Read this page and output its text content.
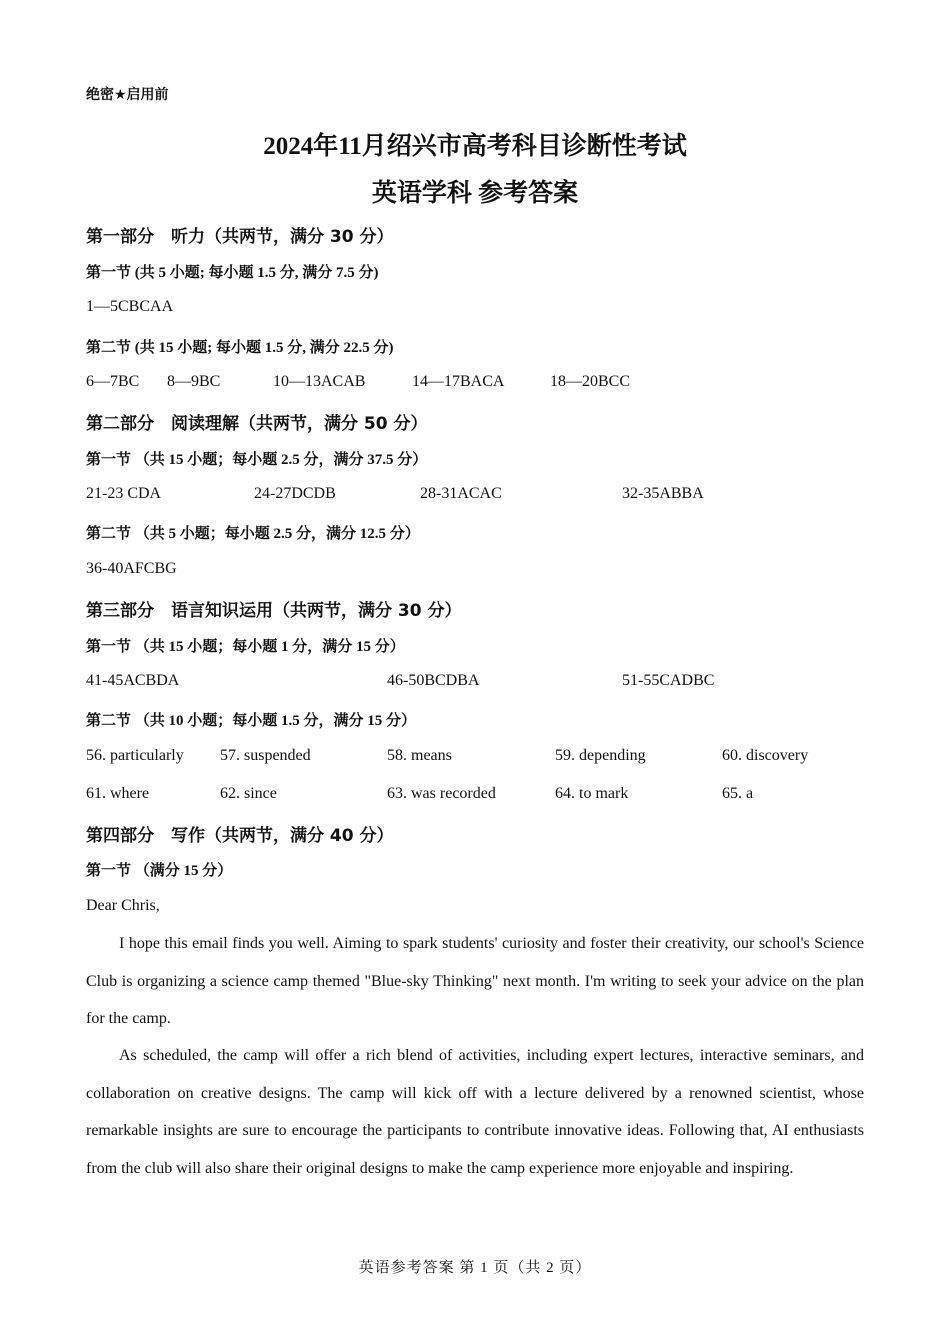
绝密★启用前
2024年11月绍兴市高考科目诊断性考试
英语学科 参考答案
第一部分　听力（共两节，满分 30 分）
第一节 (共 5 小题; 每小题 1.5 分, 满分 7.5 分)
1—5CBCAA
第二节 (共 15 小题; 每小题 1.5 分, 满分 22.5 分)
6—7BC 8—9BC	10—13ACAB	14—17BACA	18—20BCC
第二部分　阅读理解（共两节，满分 50 分）
第一节 （共 15 小题；每小题 2.5 分，满分 37.5 分）
21-23 CDA	24-27DCDB	28-31ACAC	32-35ABBA
第二节 （共 5 小题；每小题 2.5 分，满分 12.5 分）
36-40AFCBG
第三部分　语言知识运用（共两节，满分 30 分）
第一节 （共 15 小题；每小题 1 分，满分 15 分）
41-45ACBDA	46-50BCDBA	51-55CADBC
第二节 （共 10 小题；每小题 1.5 分，满分 15 分）
56. particularly 57. suspended	58. means	59. depending	60. discovery
61. where	62. since	63. was recorded	64. to mark	65. a
第四部分　写作（共两节，满分 40 分）
第一节 （满分 15 分）
Dear Chris,
I hope this email finds you well. Aiming to spark students' curiosity and foster their creativity, our school's Science Club is organizing a science camp themed "Blue-sky Thinking" next month. I'm writing to seek your advice on the plan for the camp.
As scheduled, the camp will offer a rich blend of activities, including expert lectures, interactive seminars, and collaboration on creative designs. The camp will kick off with a lecture delivered by a renowned scientist, whose remarkable insights are sure to encourage the participants to contribute innovative ideas. Following that, AI enthusiasts from the club will also share their original designs to make the camp experience more enjoyable and inspiring.
英语参考答案 第 1 页（共 2 页）
